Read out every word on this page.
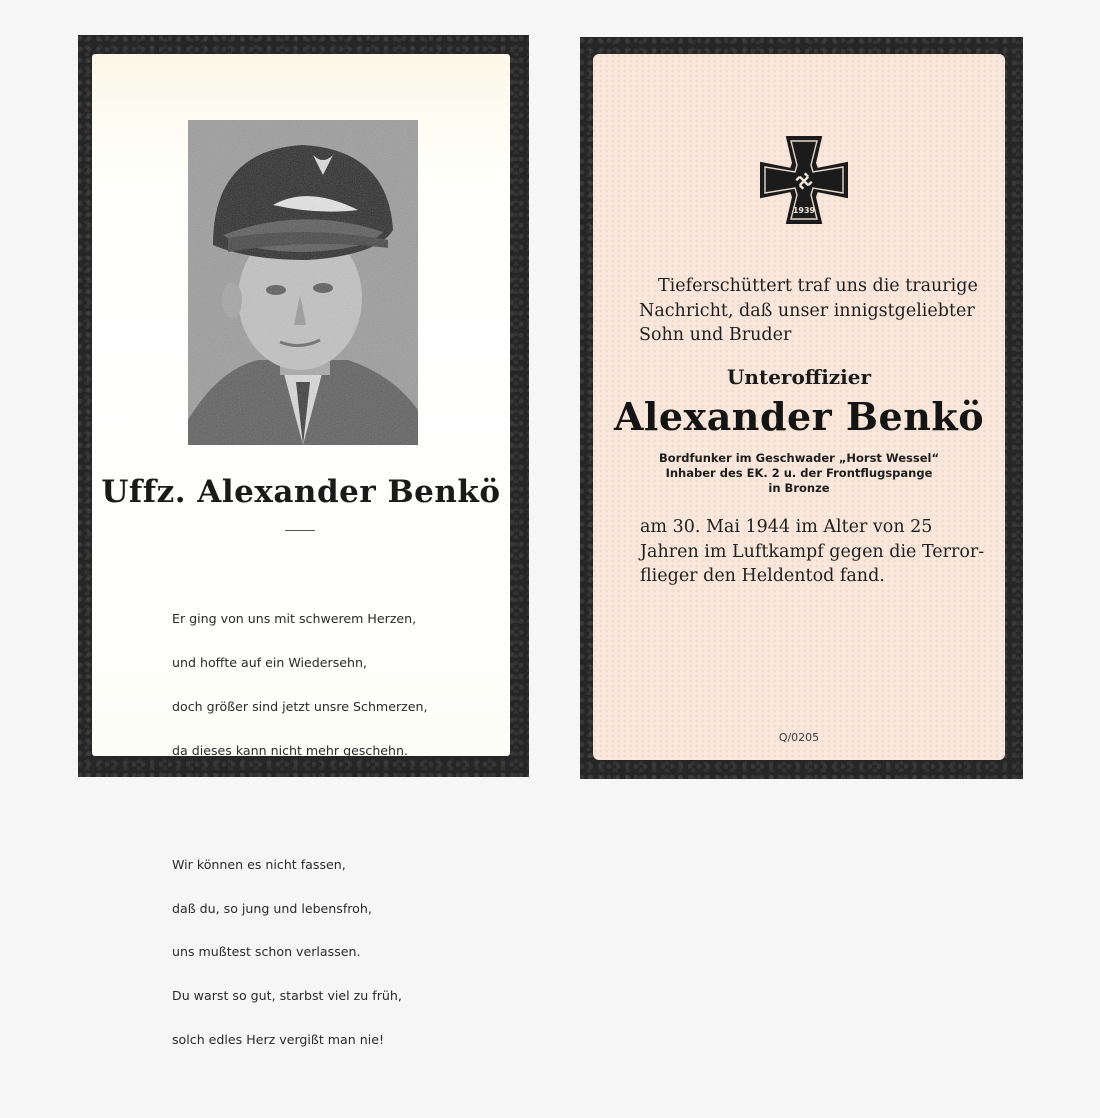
Uffz. Alexander Benkö

Er ging von uns mit schwerem Herzen,

und hoffte auf ein Wiedersehn,

doch größer sind jetzt unsre Schmerzen,

da dieses kann nicht mehr geschehn.

Wir können es nicht fassen,

daß du, so jung und lebensfroh,

uns mußtest schon verlassen.

Du warst so gut, starbst viel zu früh,

solch edles Herz vergißt man nie!

1939
Tieferschüttert traf uns die traurige
Nachricht, daß unser innigstgeliebter
Sohn und Bruder
Unteroffizier
Alexander Benkö
Bordfunker im Geschwader „Horst Wessel“
Inhaber des EK. 2 u. der Frontflugspange
in Bronze
am 30. Mai 1944 im Alter von 25
Jahren im Luftkampf gegen die Terror-
flieger den Heldentod fand.
Q/0205
